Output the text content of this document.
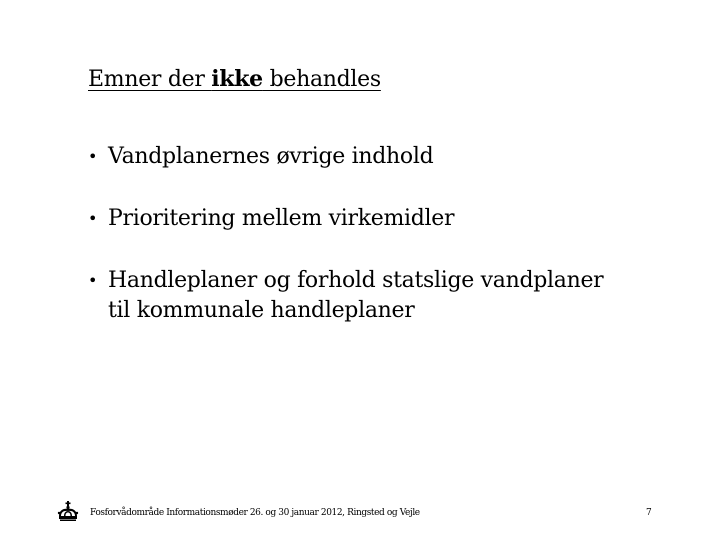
Emner der ikke behandles
• Vandplanernes øvrige indhold
• Prioritering mellem virkemidler
• Handleplaner og forhold statslige vandplaner
til kommunale handleplaner
Fosforvådområde Informationsmøder 26. og 30 januar 2012, Ringsted og Vejle	7
